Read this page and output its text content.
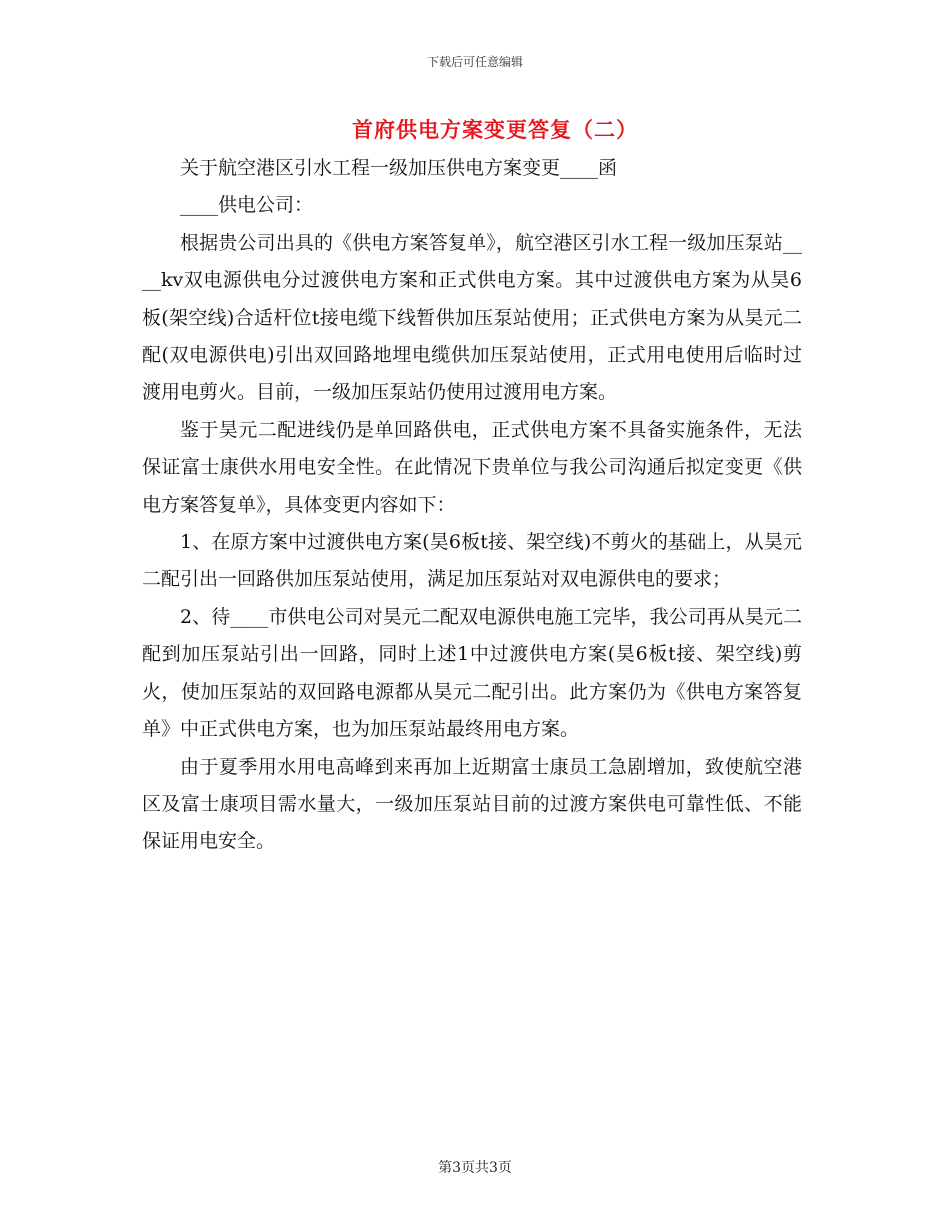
下载后可任意编辑
首府供电方案变更答复（二）

关于航空港区引水工程一级加压供电方案变更____函

____供电公司：

根据贵公司出具的《供电方案答复单》，航空港区引水工程一级加压泵站____kv双电源供电分过渡供电方案和正式供电方案。其中过渡供电方案为从昊6板(架空线)合适杆位t接电缆下线暂供加压泵站使用；正式供电方案为从昊元二配(双电源供电)引出双回路地埋电缆供加压泵站使用，正式用电使用后临时过渡用电剪火。目前，一级加压泵站仍使用过渡用电方案。

鉴于昊元二配进线仍是单回路供电，正式供电方案不具备实施条件，无法保证富士康供水用电安全性。在此情况下贵单位与我公司沟通后拟定变更《供电方案答复单》，具体变更内容如下：

1、在原方案中过渡供电方案(昊6板t接、架空线)不剪火的基础上，从昊元二配引出一回路供加压泵站使用，满足加压泵站对双电源供电的要求；

2、待____市供电公司对昊元二配双电源供电施工完毕，我公司再从昊元二配到加压泵站引出一回路，同时上述1中过渡供电方案(昊6板t接、架空线)剪火，使加压泵站的双回路电源都从昊元二配引出。此方案仍为《供电方案答复单》中正式供电方案，也为加压泵站最终用电方案。

由于夏季用水用电高峰到来再加上近期富士康员工急剧增加，致使航空港区及富士康项目需水量大，一级加压泵站目前的过渡方案供电可靠性低、不能保证用电安全。

第3页共3页
